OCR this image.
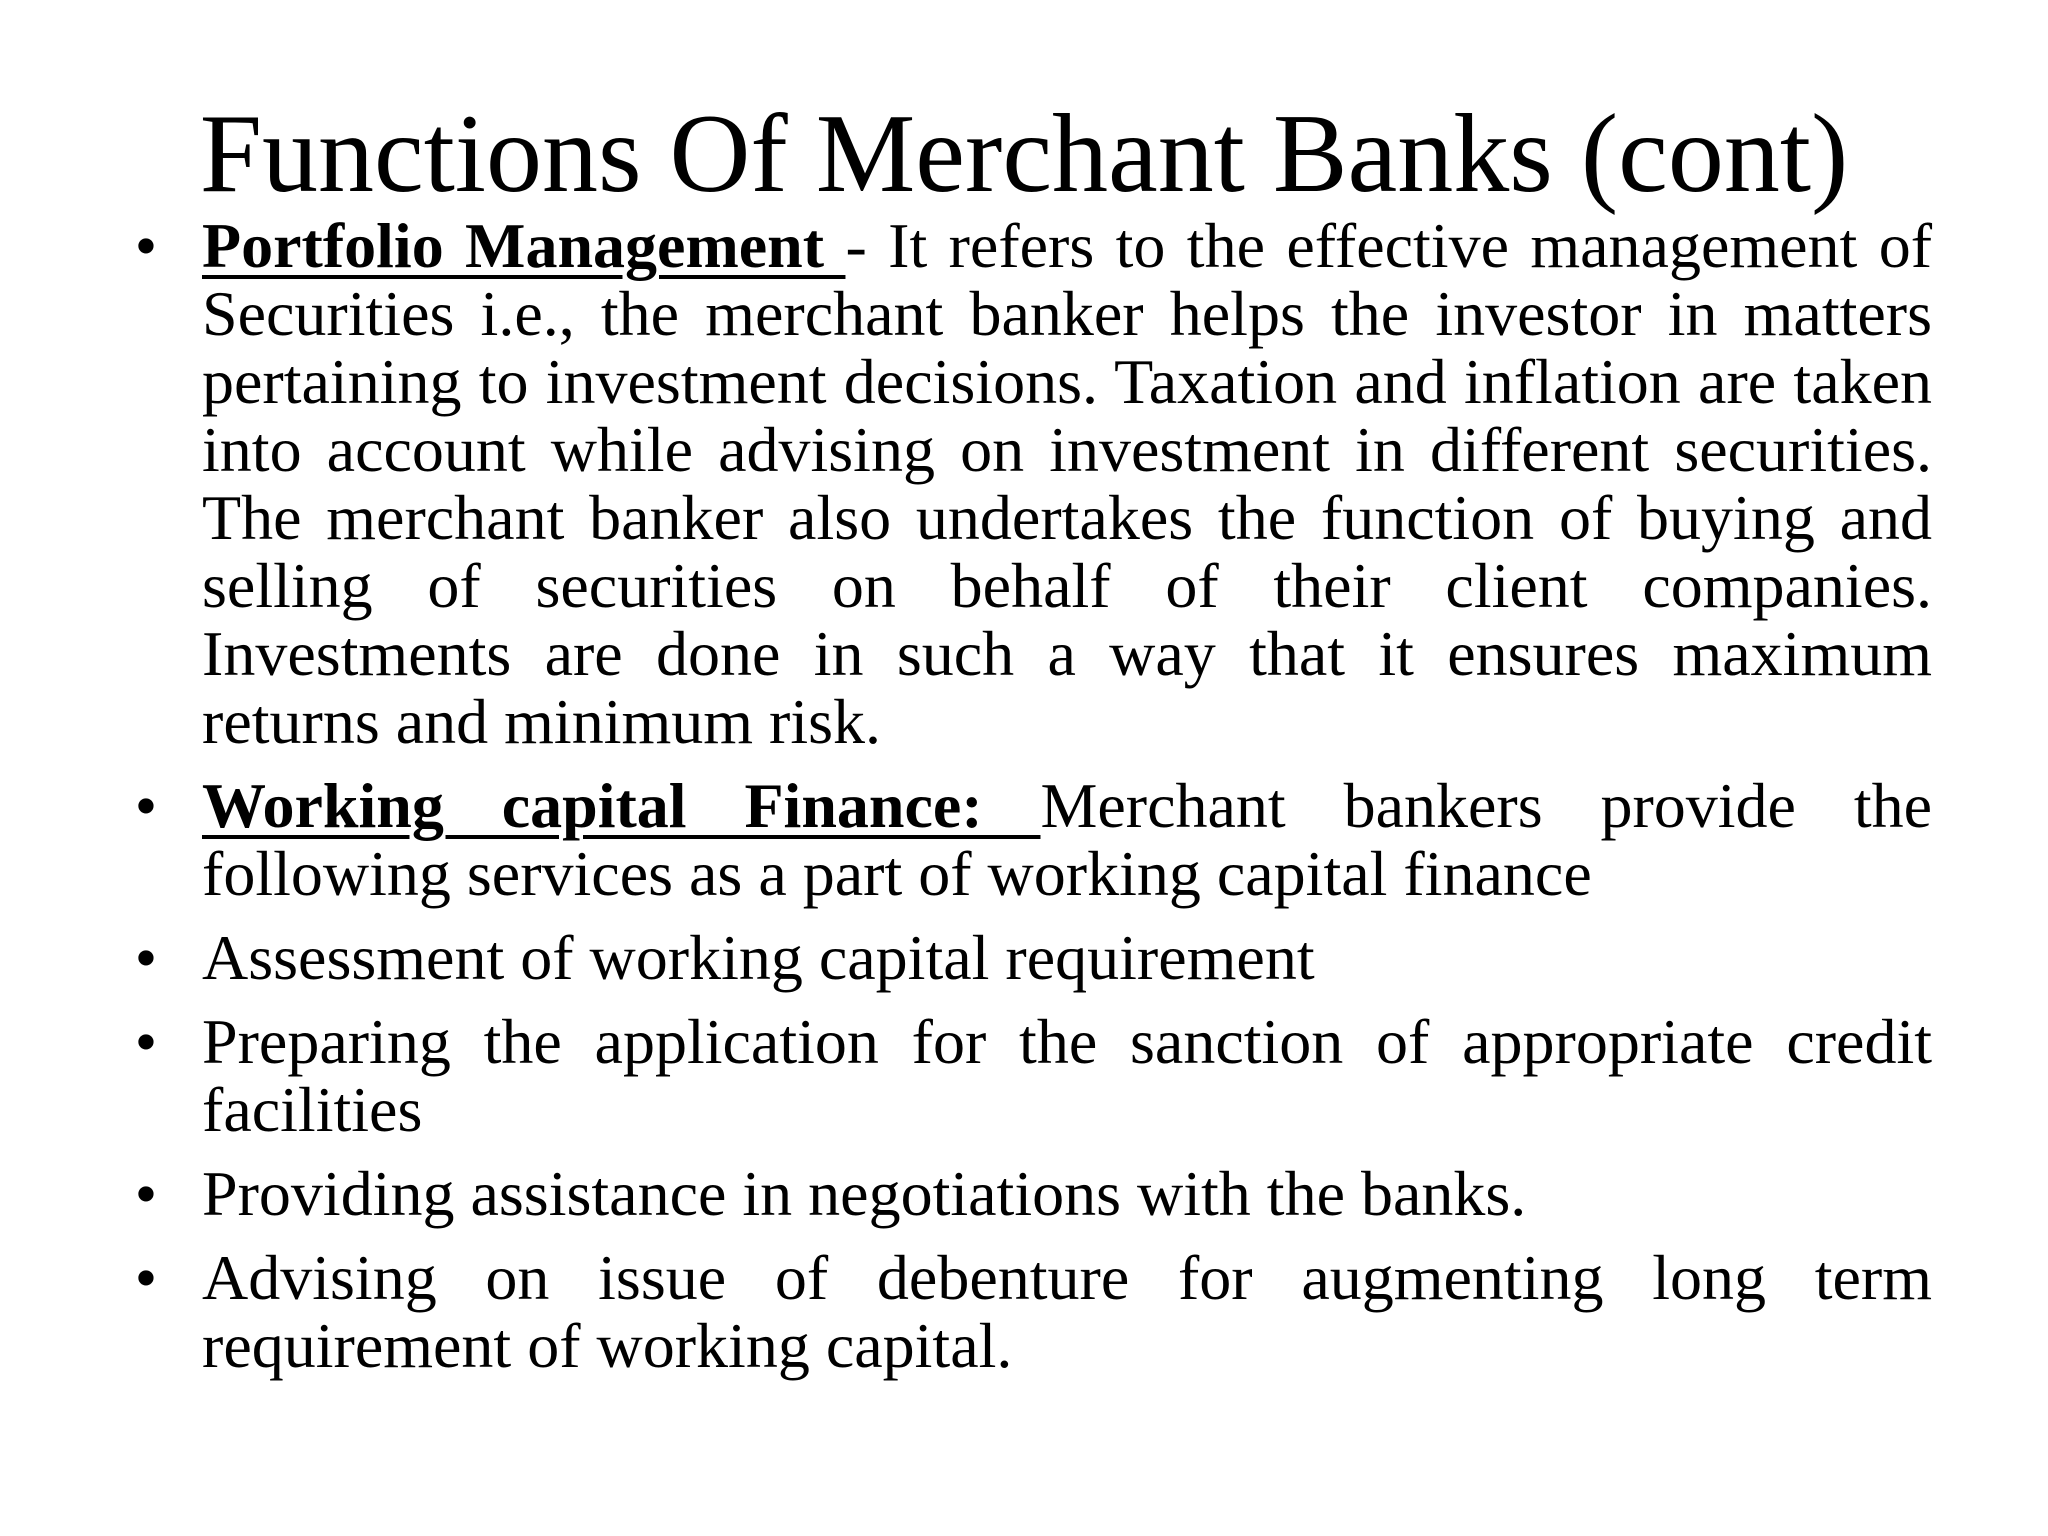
Functions Of Merchant Banks (cont)
• Portfolio Management - It refers to the effective management of Securities i.e., the merchant banker helps the investor in matters pertaining to investment decisions. Taxation and inflation are taken into account while advising on investment in different securities. The merchant banker also undertakes the function of buying and selling of securities on behalf of their client companies. Investments are done in such a way that it ensures maximum returns and minimum risk.
• Working capital Finance: Merchant bankers provide the following services as a part of working capital finance
• Assessment of working capital requirement
• Preparing the application for the sanction of appropriate credit facilities
• Providing assistance in negotiations with the banks.
• Advising on issue of debenture for augmenting long term requirement of working capital.
